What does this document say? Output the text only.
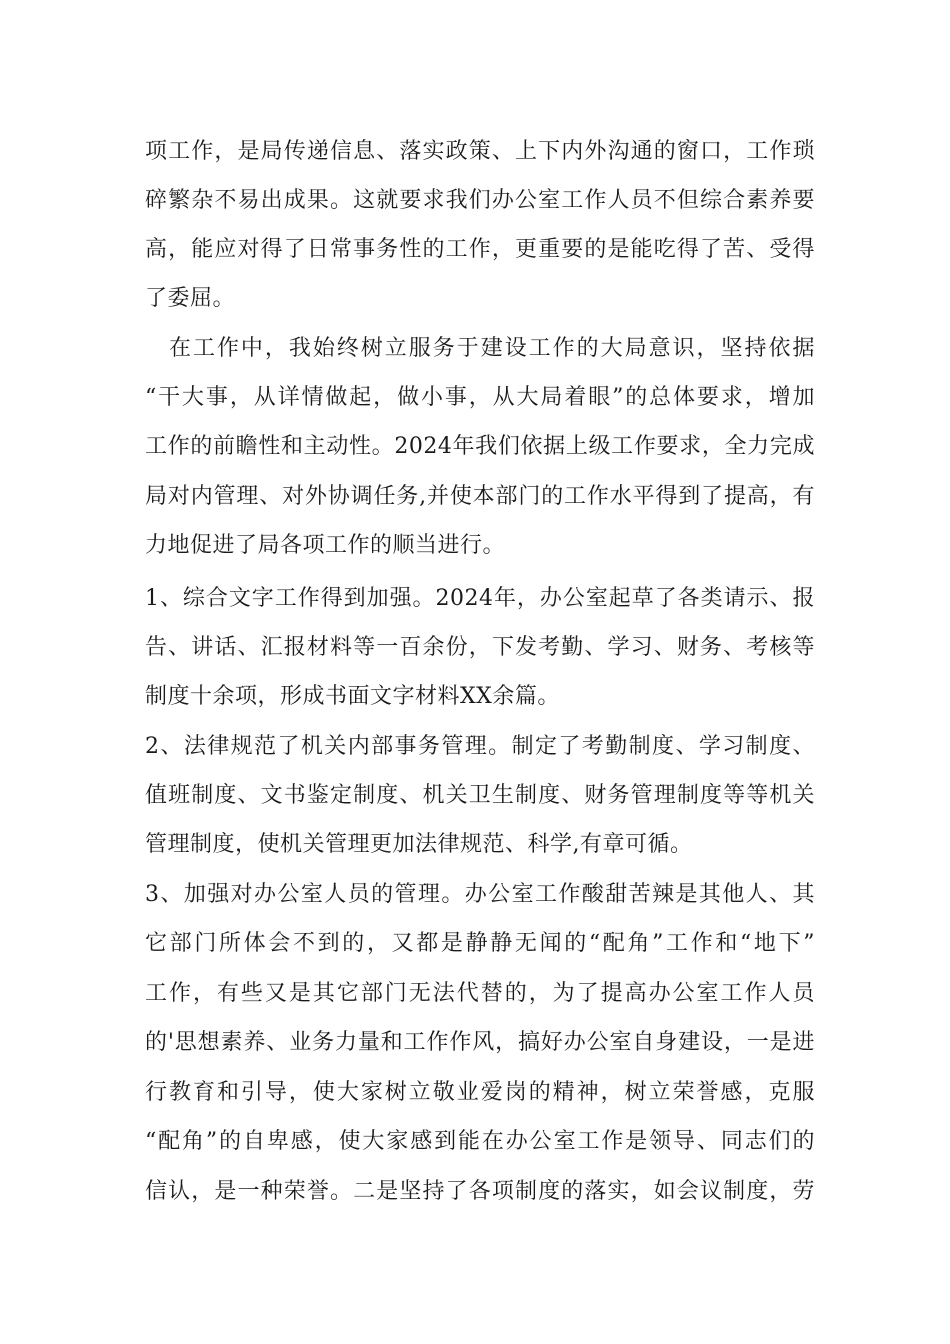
项工作，是局传递信息、落实政策、上下内外沟通的窗口，工作琐
碎繁杂不易出成果。这就要求我们办公室工作人员不但综合素养要
高，能应对得了日常事务性的工作，更重要的是能吃得了苦、受得
了委屈。
　在工作中，我始终树立服务于建设工作的大局意识，坚持依据
“干大事，从详情做起，做小事，从大局着眼”的总体要求，增加
工作的前瞻性和主动性。2024年我们依据上级工作要求，全力完成
局对内管理、对外协调任务,并使本部门的工作水平得到了提高，有
力地促进了局各项工作的顺当进行。
1、综合文字工作得到加强。2024年，办公室起草了各类请示、报
告、讲话、汇报材料等一百余份，下发考勤、学习、财务、考核等
制度十余项，形成书面文字材料XX余篇。
2、法律规范了机关内部事务管理。制定了考勤制度、学习制度、
值班制度、文书鉴定制度、机关卫生制度、财务管理制度等等机关
管理制度，使机关管理更加法律规范、科学,有章可循。
3、加强对办公室人员的管理。办公室工作酸甜苦辣是其他人、其
它部门所体会不到的，又都是静静无闻的“配角”工作和“地下”
工作，有些又是其它部门无法代替的，为了提高办公室工作人员
的'思想素养、业务力量和工作作风，搞好办公室自身建设，一是进
行教育和引导，使大家树立敬业爱岗的精神，树立荣誉感，克服
“配角”的自卑感，使大家感到能在办公室工作是领导、同志们的
信认，是一种荣誉。二是坚持了各项制度的落实，如会议制度，劳
